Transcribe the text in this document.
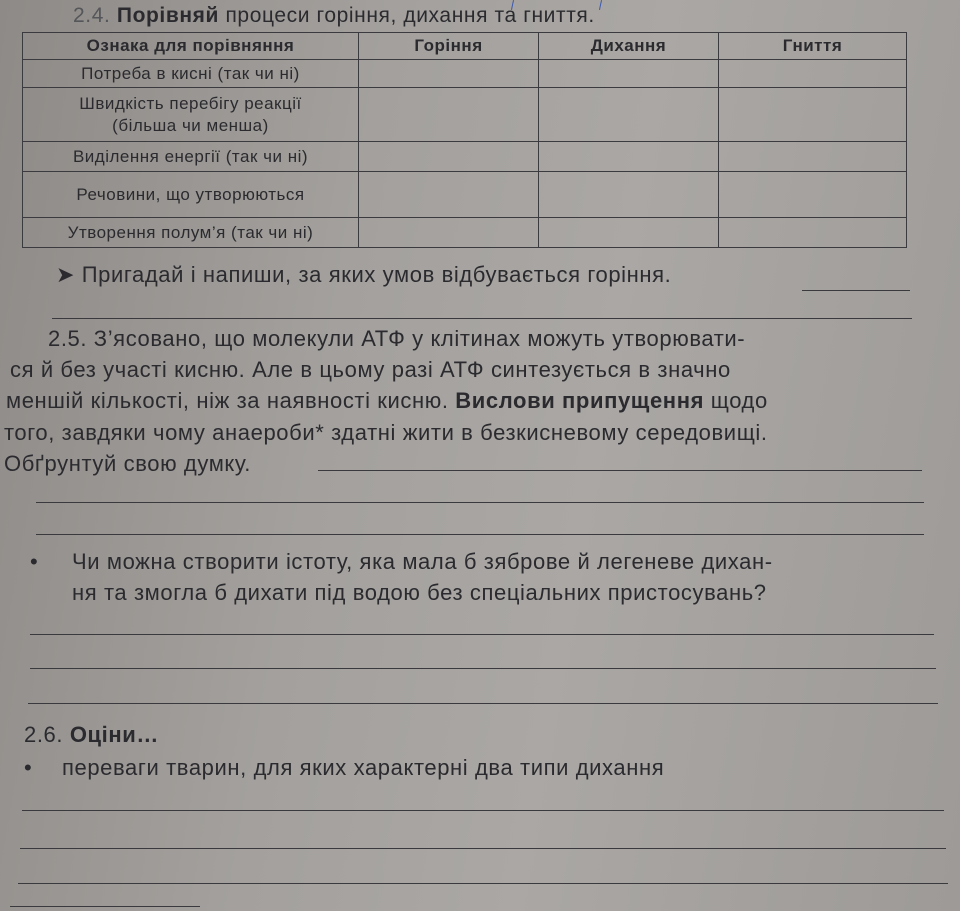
2.4. Порівняй процеси горіння, дихання та гниття.
Ознака для порівняння	Горіння	Дихання	Гниття
Потреба в кисні (так чи ні)			

Швидкість перебігу реакції
(більша чи менша)			

Виділення енергії (так чи ні)			
Речовини, що утворюються			
Утворення полум’я (так чи ні)			
➤ Пригадай і напиши, за яких умов відбувається горіння.
2.5. З’ясовано, що молекули АТФ у клітинах можуть утворювати-
ся й без участі кисню. Але в цьому разі АТФ синтезується в значно
меншій кількості, ніж за наявності кисню. Вислови припущення щодо
того, завдяки чому анаероби* здатні жити в безкисневому середовищі.
Обґрунтуй свою думку.
• Чи можна створити істоту, яка мала б зяброве й легеневе дихан-
ня та змогла б дихати під водою без спеціальних пристосувань?
2.6. Оціни…
• переваги тварин, для яких характерні два типи дихання
